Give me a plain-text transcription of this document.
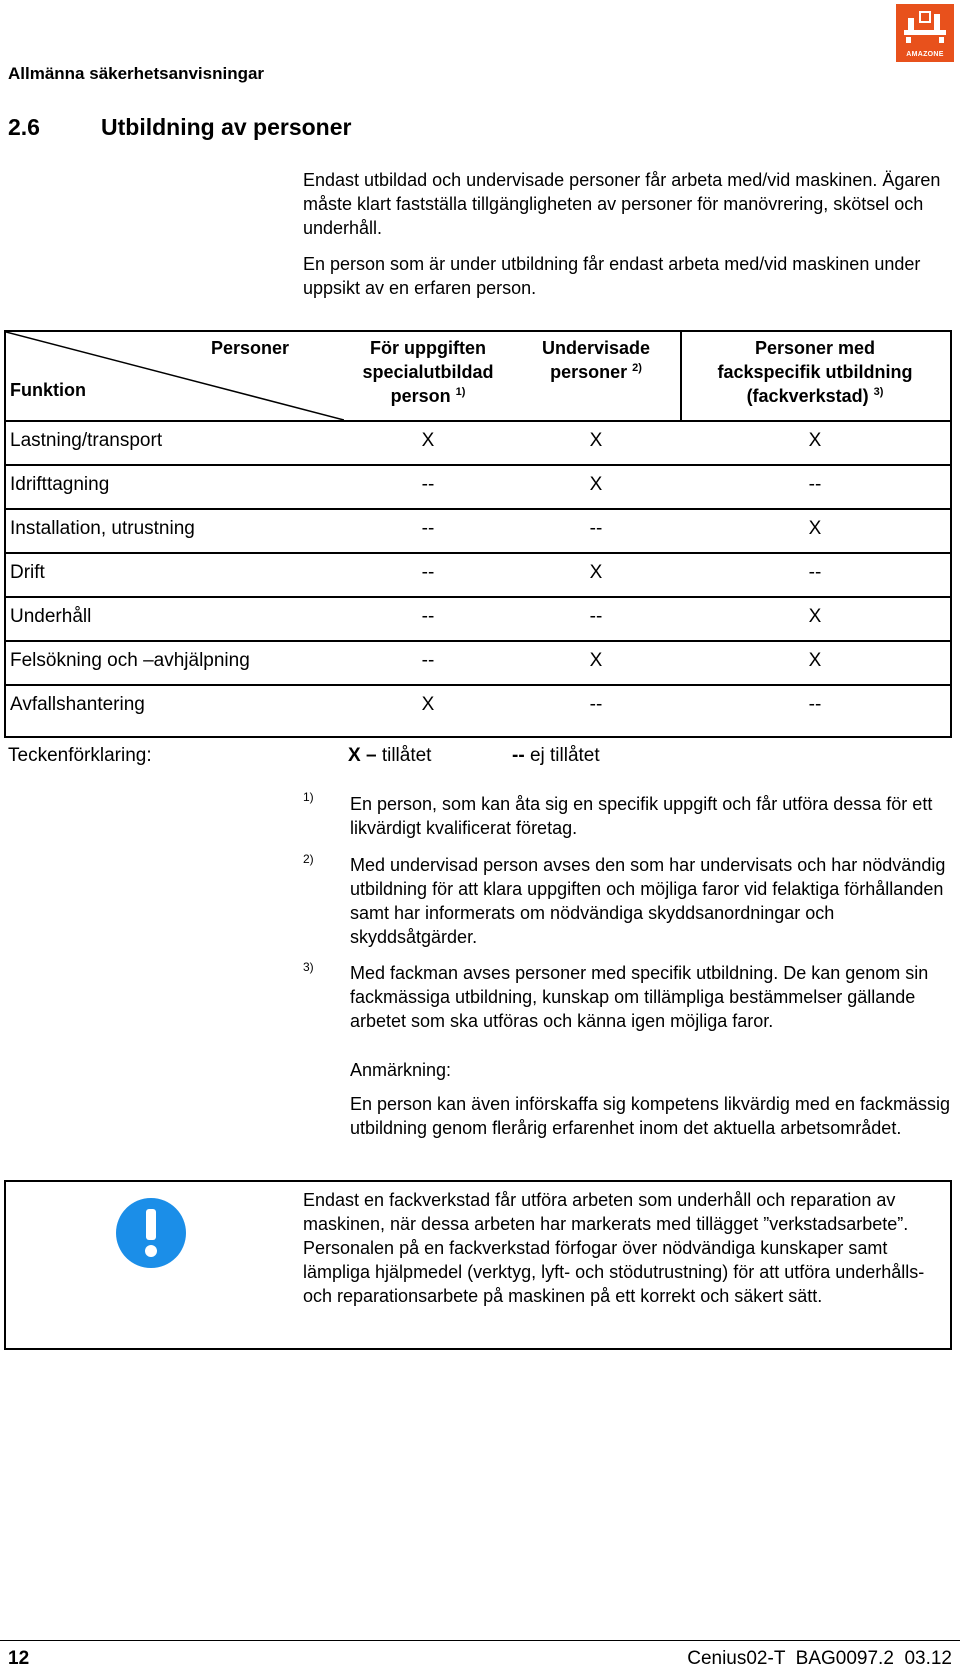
Allmänna säkerhetsanvisningar
AMAZONE
2.6	Utbildning av personer
Endast utbildad och undervisade personer får arbeta med/vid maskinen. Ägaren måste klart fastställa tillgängligheten av personer för manövrering, skötsel och underhåll.
En person som är under utbildning får endast arbeta med/vid maskinen under uppsikt av en erfaren person.
Personer
Funktion
För uppgiften
specialutbildad
person $^{1)}$
Undervisade
personer $^{2)}$
Personer med
fackspecifik utbildning
(fackverkstad) $^{3)}$
Lastning/transport	X	X	X
Idrifttagning	--	X	--
Installation, utrustning	--	--	X
Drift	--	X	--
Underhåll	--	--	X
Felsökning och –avhjälpning	--	X	X
Avfallshantering	X	--	--
Teckenförklaring:	X – tillåtet	-- ej tillåtet
1) En person, som kan åta sig en specifik uppgift och får utföra dessa för ett likvärdigt kvalificerat företag.
2) Med undervisad person avses den som har undervisats och har nödvändig utbildning för att klara uppgiften och möjliga faror vid felaktiga förhållanden samt har informerats om nödvändiga skyddsanordningar och skyddsåtgärder.
3) Med fackman avses personer med specifik utbildning. De kan genom sin fackmässiga utbildning, kunskap om tillämpliga bestämmelser gällande arbetet som ska utföras och känna igen möjliga faror.
Anmärkning:
En person kan även införskaffa sig kompetens likvärdig med en fackmässig utbildning genom flerårig erfarenhet inom det aktuella arbetsområdet.
Endast en fackverkstad får utföra arbeten som underhåll och reparation av maskinen, när dessa arbeten har markerats med tillägget ”verkstadsarbete”. Personalen på en fackverkstad förfogar över nödvändiga kunskaper samt lämpliga hjälpmedel (verktyg, lyft- och stödutrustning) för att utföra underhålls- och reparationsarbete på maskinen på ett korrekt och säkert sätt.
12	Cenius02-T  BAG0097.2  03.12
